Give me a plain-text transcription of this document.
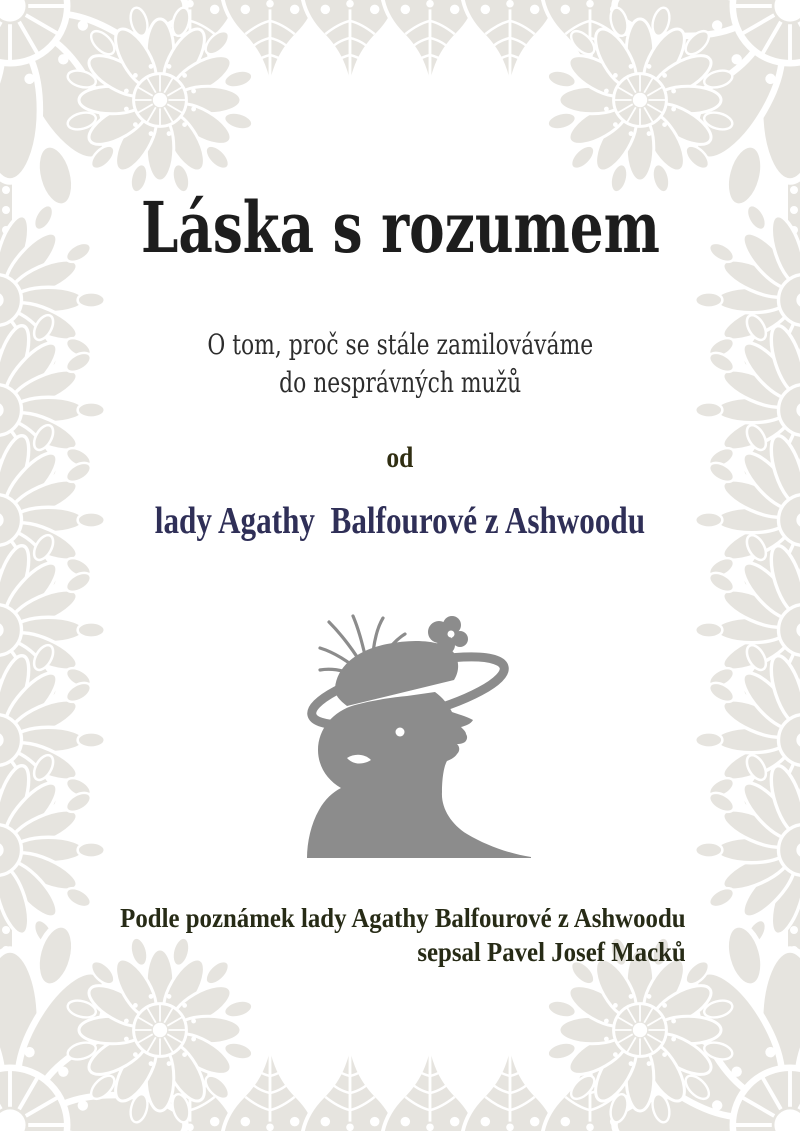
Láska s rozumem
O tom, proč se stále zamilováváme
do nesprávných mužů
od
lady Agathy  Balfourové z Ashwoodu
Podle poznámek lady Agathy Balfourové z Ashwoodu
sepsal Pavel Josef Macků
